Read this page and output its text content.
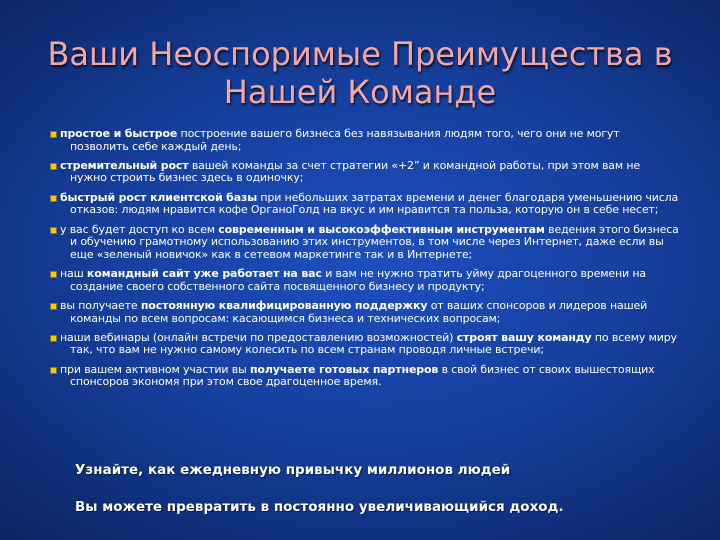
Ваши Неоспоримые Преимущества в Нашей Команде
простое и быстрое построение вашего бизнеса без навязывания людям того, чего они не могут позволить себе каждый день;
стремительный рост вашей команды за счет стратегии «+2” и командной работы, при этом вам не нужно строить бизнес здесь в одиночку;
быстрый рост клиентской базы при небольших затратах времени и денег благодаря уменьшению числа отказов: людям нравится кофе ОрганоГолд на вкус и им нравится та польза, которую он в себе несет;
у вас будет доступ ко всем современным и высокоэффективным инструментам ведения этого бизнеса и обучению грамотному использованию этих инструментов, в том числе через Интернет, даже если вы еще «зеленый новичок» как в сетевом маркетинге так и в Интернете;
наш командный сайт уже работает на вас и вам не нужно тратить уйму драгоценного времени на создание своего собственного сайта посвященного бизнесу и продукту;
вы получаете постоянную квалифицированную поддержку от ваших спонсоров и лидеров нашей команды по всем вопросам: касающимся бизнеса и технических вопросам;
наши вебинары (онлайн встречи по предоставлению возможностей) строят вашу команду по всему миру так, что вам не нужно самому колесить по всем странам проводя личные встречи;
при вашем активном участии вы получаете готовых партнеров в свой бизнес от своих вышестоящих спонсоров экономя при этом свое драгоценное время.
Узнайте, как ежедневную привычку миллионов людей
Вы можете превратить в постоянно увеличивающийся доход.
